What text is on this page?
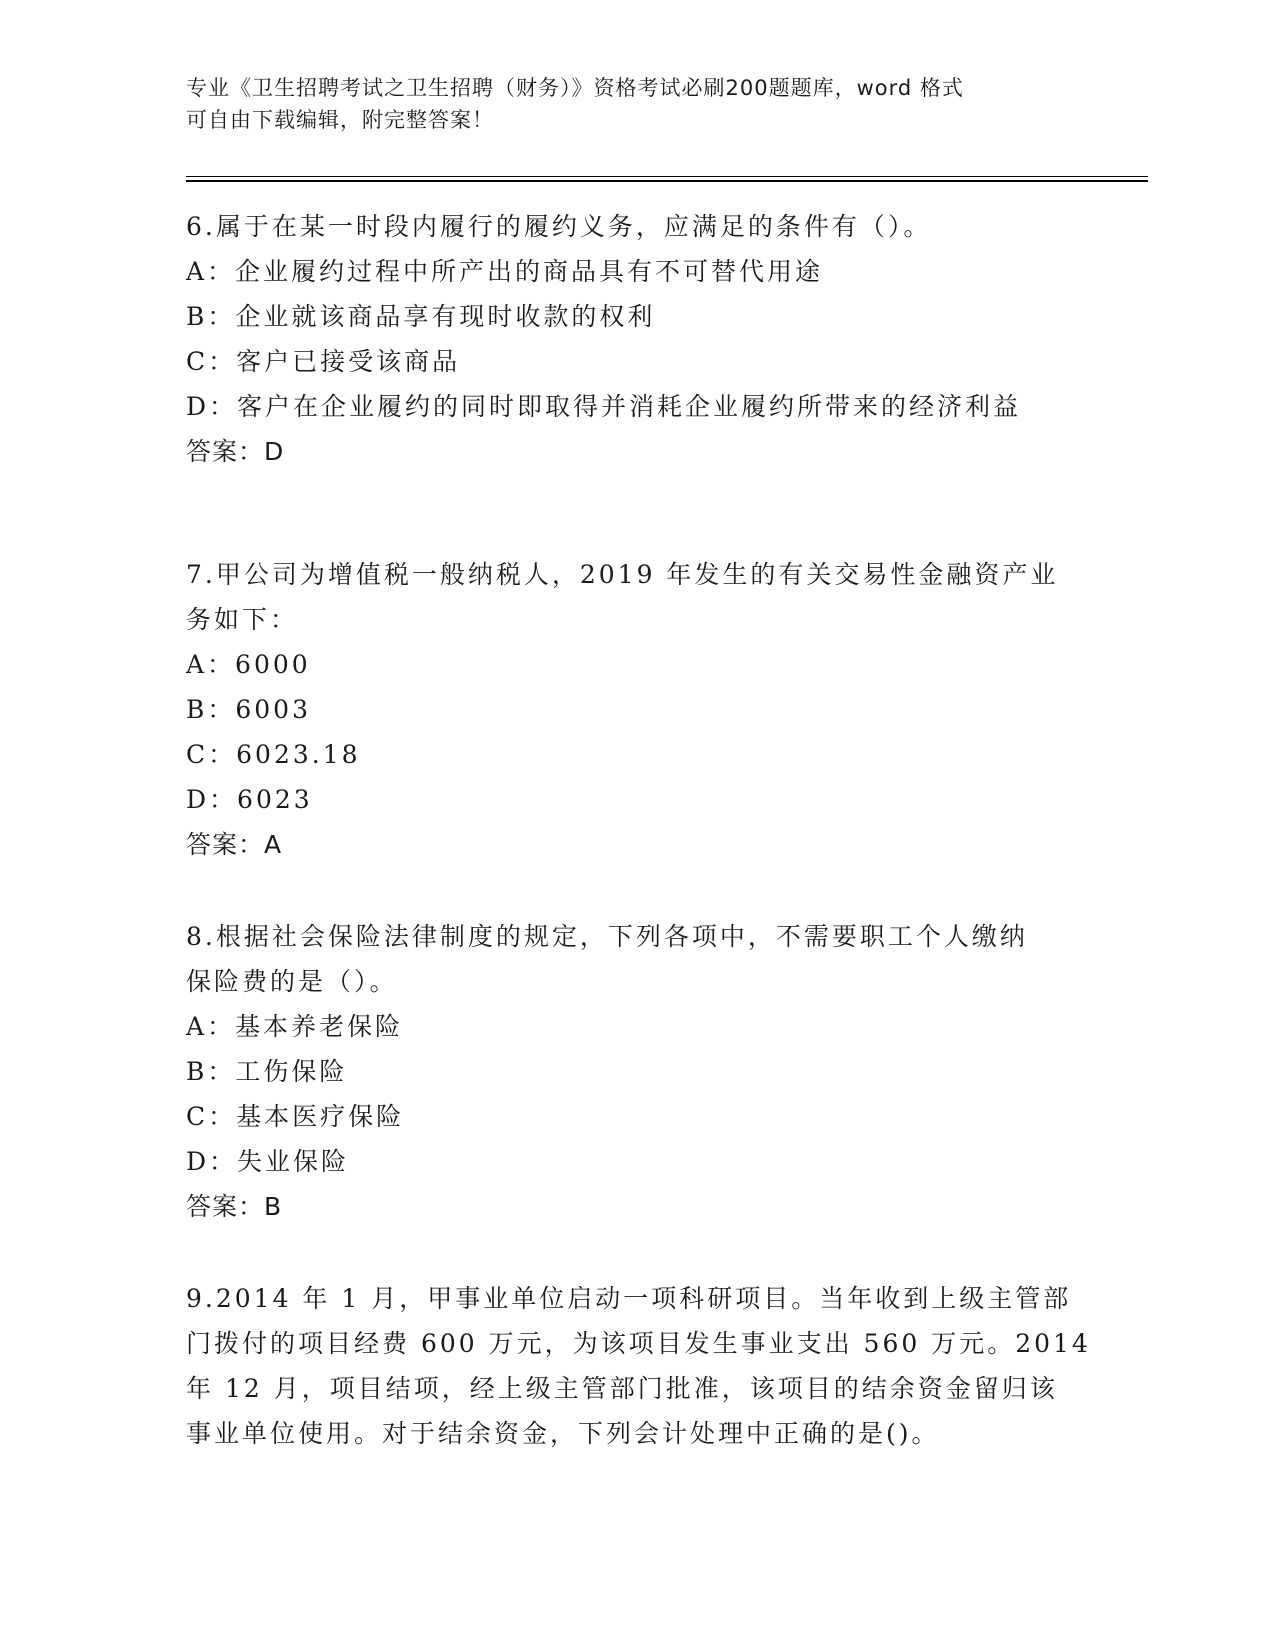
专业《卫生招聘考试之卫生招聘（财务）》资格考试必刷200题题库，word 格式
可自由下载编辑，附完整答案！
6.属于在某一时段内履行的履约义务，应满足的条件有（）。
A：企业履约过程中所产出的商品具有不可替代用途
B：企业就该商品享有现时收款的权利
C：客户已接受该商品
D：客户在企业履约的同时即取得并消耗企业履约所带来的经济利益
答案：D
7.甲公司为增值税一般纳税人，2019 年发生的有关交易性金融资产业
务如下：
A：6000
B：6003
C：6023.18
D：6023
答案：A
8.根据社会保险法律制度的规定，下列各项中，不需要职工个人缴纳
保险费的是（）。
A：基本养老保险
B：工伤保险
C：基本医疗保险
D：失业保险
答案：B
9.2014 年 1 月，甲事业单位启动一项科研项目。当年收到上级主管部
门拨付的项目经费 600 万元，为该项目发生事业支出 560 万元。2014
年 12 月，项目结项，经上级主管部门批准，该项目的结余资金留归该
事业单位使用。对于结余资金，下列会计处理中正确的是()。
